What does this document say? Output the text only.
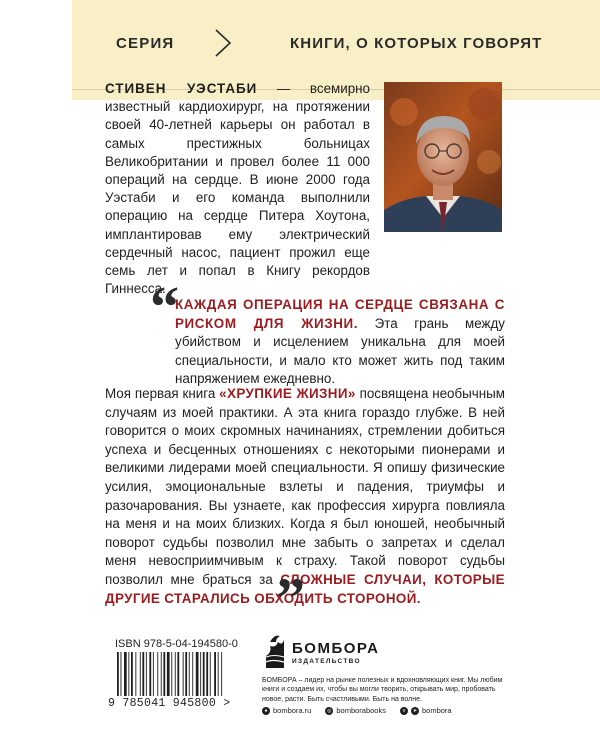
СЕРИЯ	КНИГИ, О КОТОРЫХ ГОВОРЯТ
СТИВЕН УЭСТАБИ — всемирно известный кардиохирург, на протяжении своей 40-летней карьеры он работал в самых престижных больницах Великобритании и провел более 11 000 операций на сердце. В июне 2000 года Уэстаби и его команда выполнили операцию на сердце Питера Хоутона, имплантировав ему электрический сердечный насос, пациент прожил еще семь лет и попал в Книгу рекордов Гиннесса.
“
КАЖДАЯ ОПЕРАЦИЯ НА СЕРДЦЕ СВЯЗАНА С РИСКОМ ДЛЯ ЖИЗНИ. Эта грань между убийством и исцелением уникальна для моей специальности, и мало кто может жить под таким напряжением ежедневно.
Моя первая книга «ХРУПКИЕ ЖИЗНИ» посвящена необычным случаям из моей практики. А эта книга гораздо глубже. В ней говорится о моих скромных начинаниях, стремлении добиться успеха и бесценных отношениях с некоторыми пионерами и великими лидерами моей специальности. Я опишу физические усилия, эмоциональные взлеты и падения, триумфы и разочарования. Вы узнаете, как профессия хирурга повлияла на меня и на моих близких. Когда я был юношей, необычный поворот судьбы позволил мне забыть о запретах и сделал меня невосприимчивым к страху. Такой поворот судьбы позволил мне браться за СЛОЖНЫЕ СЛУЧАИ, КОТОРЫЕ ДРУГИЕ СТАРАЛИСЬ ОБХОДИТЬ СТОРОНОЙ.
”
ISBN 978-5-04-194580-0
9 785041 945800 >
БОМБОРА
ИЗДАТЕЛЬСТВО
БОМБОРА – лидер на рынке полезных и вдохновляющих книг. Мы любим книги и создаем их, чтобы вы могли творить, открывать мир, пробовать новое, расти. Быть счастливыми. Быть на волне.
● bombora.ru	◎ bomborabooks	v	➤ bombora
